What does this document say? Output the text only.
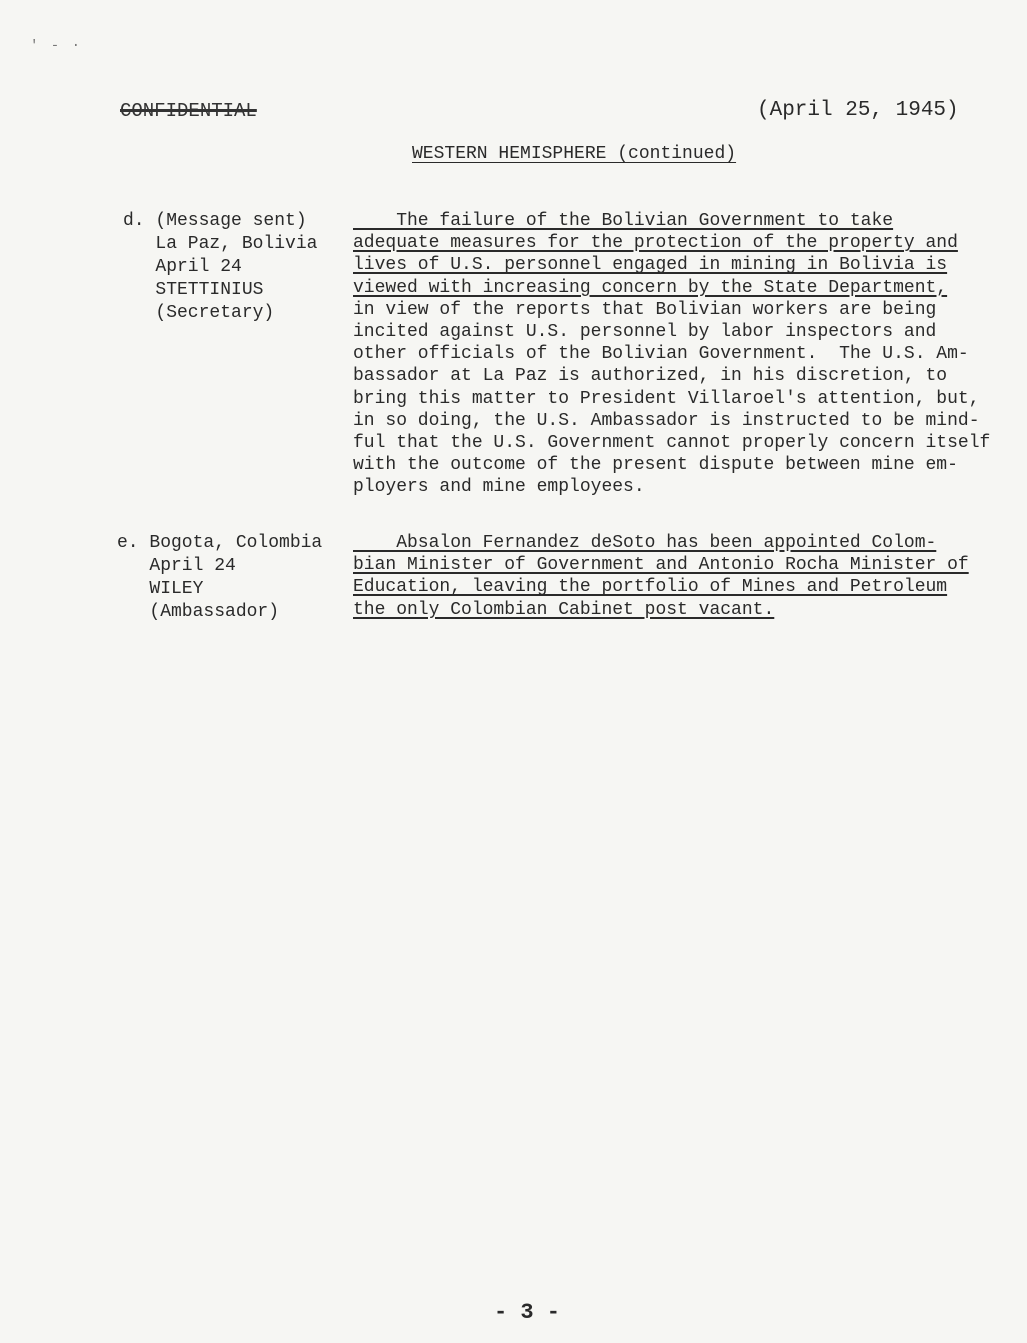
' - ·
CONFIDENTIAL	(April 25, 1945)
WESTERN HEMISPHERE (continued)
d. (Message sent)
La Paz, Bolivia
April 24
STETTINIUS
(Secretary)
The failure of the Bolivian Government to take
adequate measures for the protection of the property and
lives of U.S. personnel engaged in mining in Bolivia is
viewed with increasing concern by the State Department,
in view of the reports that Bolivian workers are being
incited against U.S. personnel by labor inspectors and
other officials of the Bolivian Government.  The U.S. Am-
bassador at La Paz is authorized, in his discretion, to
bring this matter to President Villaroel's attention, but,
in so doing, the U.S. Ambassador is instructed to be mind-
ful that the U.S. Government cannot properly concern itself
with the outcome of the present dispute between mine em-
ployers and mine employees.
e. Bogota, Colombia
April 24
WILEY
(Ambassador)
Absalon Fernandez deSoto has been appointed Colom-
bian Minister of Government and Antonio Rocha Minister of
Education, leaving the portfolio of Mines and Petroleum
the only Colombian Cabinet post vacant.
- 3 -
